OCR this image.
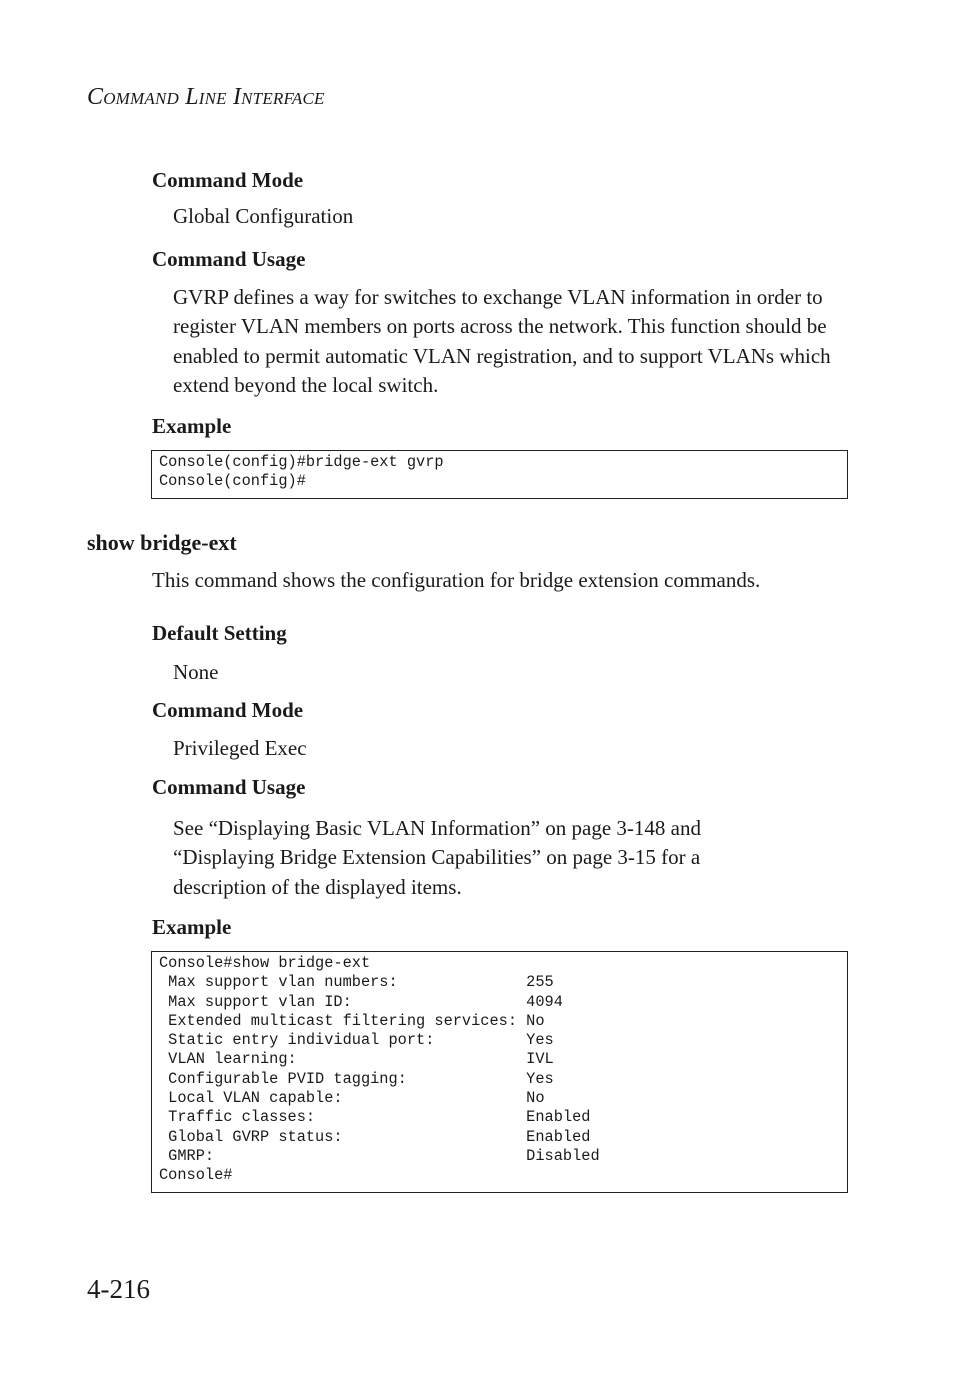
Command Line Interface
Command Mode
Global Configuration
Command Usage
GVRP defines a way for switches to exchange VLAN information in order to register VLAN members on ports across the network. This function should be enabled to permit automatic VLAN registration, and to support VLANs which extend beyond the local switch.
Example
Console(config)#bridge-ext gvrp
Console(config)#
show bridge-ext
This command shows the configuration for bridge extension commands.
Default Setting
None
Command Mode
Privileged Exec
Command Usage
See “Displaying Basic VLAN Information” on page 3-148 and “Displaying Bridge Extension Capabilities” on page 3-15 for a description of the displayed items.
Example
Console#show bridge-ext
Max support vlan numbers:              255
Max support vlan ID:                   4094
Extended multicast filtering services: No
Static entry individual port:          Yes
VLAN learning:                         IVL
Configurable PVID tagging:             Yes
Local VLAN capable:                    No
Traffic classes:                       Enabled
Global GVRP status:                    Enabled
GMRP:                                  Disabled
Console#
4-216
